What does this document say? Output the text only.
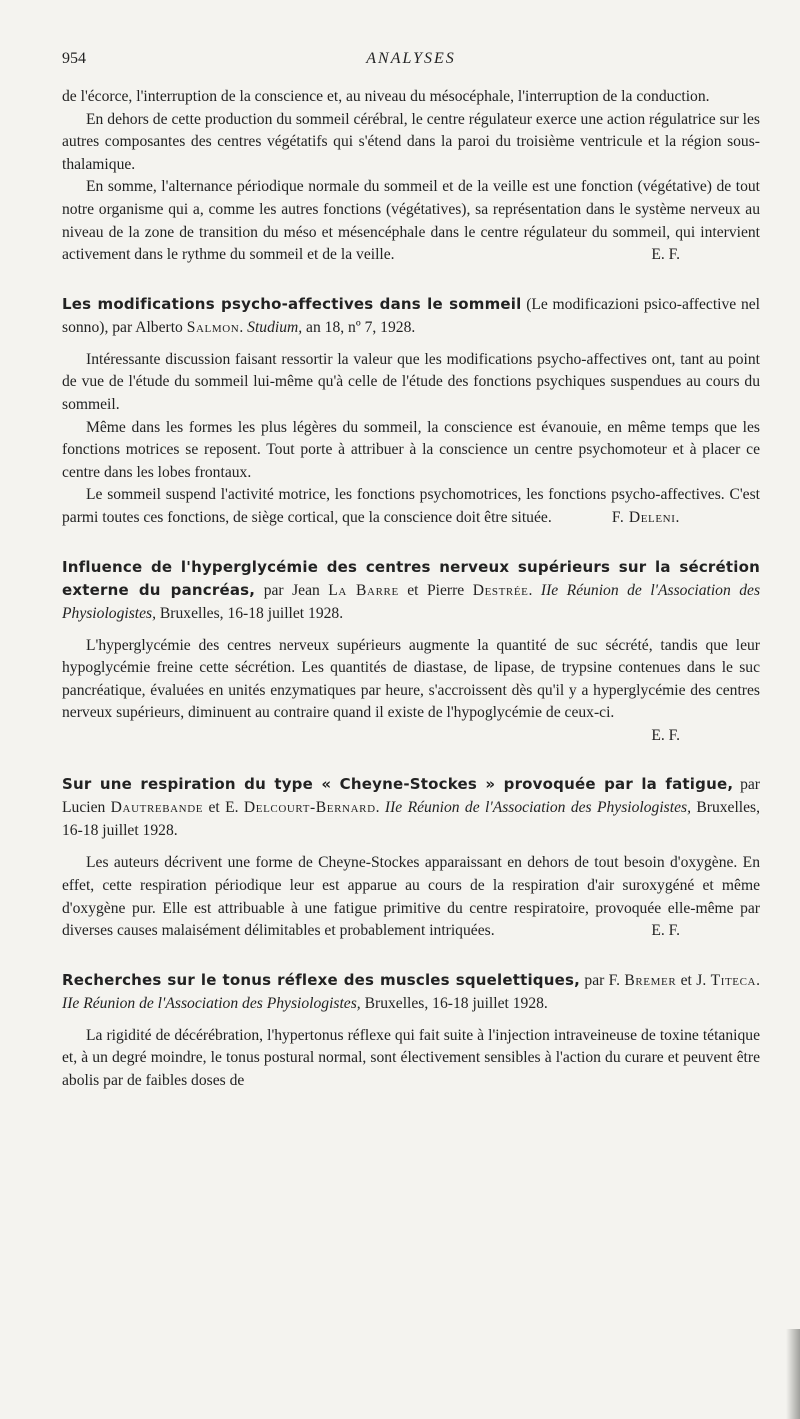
954	ANALYSES

de l'écorce, l'interruption de la conscience et, au niveau du mésocéphale, l'interruption de la conduction.

En dehors de cette production du sommeil cérébral, le centre régulateur exerce une action régulatrice sur les autres composantes des centres végétatifs qui s'étend dans la paroi du troisième ventricule et la région sous-thalamique.

En somme, l'alternance périodique normale du sommeil et de la veille est une fonction (végétative) de tout notre organisme qui a, comme les autres fonctions (végétatives), sa représentation dans le système nerveux au niveau de la zone de transition du méso et mésencéphale dans le centre régulateur du sommeil, qui intervient activement dans le rythme du sommeil et de la veille.	E. F.

Les modifications psycho-affectives dans le sommeil (Le modificazioni psico-affective nel sonno), par Alberto Salmon. Studium, an 18, nº 7, 1928.

Intéressante discussion faisant ressortir la valeur que les modifications psycho-affectives ont, tant au point de vue de l'étude du sommeil lui-même qu'à celle de l'étude des fonctions psychiques suspendues au cours du sommeil.

Même dans les formes les plus légères du sommeil, la conscience est évanouie, en même temps que les fonctions motrices se reposent. Tout porte à attribuer à la conscience un centre psychomoteur et à placer ce centre dans les lobes frontaux.

Le sommeil suspend l'activité motrice, les fonctions psychomotrices, les fonctions psycho-affectives. C'est parmi toutes ces fonctions, de siège cortical, que la conscience doit être située.	F. Deleni.

Influence de l'hyperglycémie des centres nerveux supérieurs sur la sécrétion externe du pancréas, par Jean La Barre et Pierre Destrée. IIe Réunion de l'Association des Physiologistes, Bruxelles, 16-18 juillet 1928.

L'hyperglycémie des centres nerveux supérieurs augmente la quantité de suc sécrété, tandis que leur hypoglycémie freine cette sécrétion. Les quantités de diastase, de lipase, de trypsine contenues dans le suc pancréatique, évaluées en unités enzymatiques par heure, s'accroissent dès qu'il y a hyperglycémie des centres nerveux supérieurs, diminuent au contraire quand il existe de l'hypoglycémie de ceux-ci.

E. F.

Sur une respiration du type « Cheyne-Stockes » provoquée par la fatigue, par Lucien Dautrebande et E. Delcourt-Bernard. IIe Réunion de l'Association des Physiologistes, Bruxelles, 16-18 juillet 1928.

Les auteurs décrivent une forme de Cheyne-Stockes apparaissant en dehors de tout besoin d'oxygène. En effet, cette respiration périodique leur est apparue au cours de la respiration d'air suroxygéné et même d'oxygène pur. Elle est attribuable à une fatigue primitive du centre respiratoire, provoquée elle-même par diverses causes malaisément délimitables et probablement intriquées.	E. F.

Recherches sur le tonus réflexe des muscles squelettiques, par F. Bremer et J. Titeca. IIe Réunion de l'Association des Physiologistes, Bruxelles, 16-18 juillet 1928.

La rigidité de décérébration, l'hypertonus réflexe qui fait suite à l'injection intraveineuse de toxine tétanique et, à un degré moindre, le tonus postural normal, sont électivement sensibles à l'action du curare et peuvent être abolis par de faibles doses de
